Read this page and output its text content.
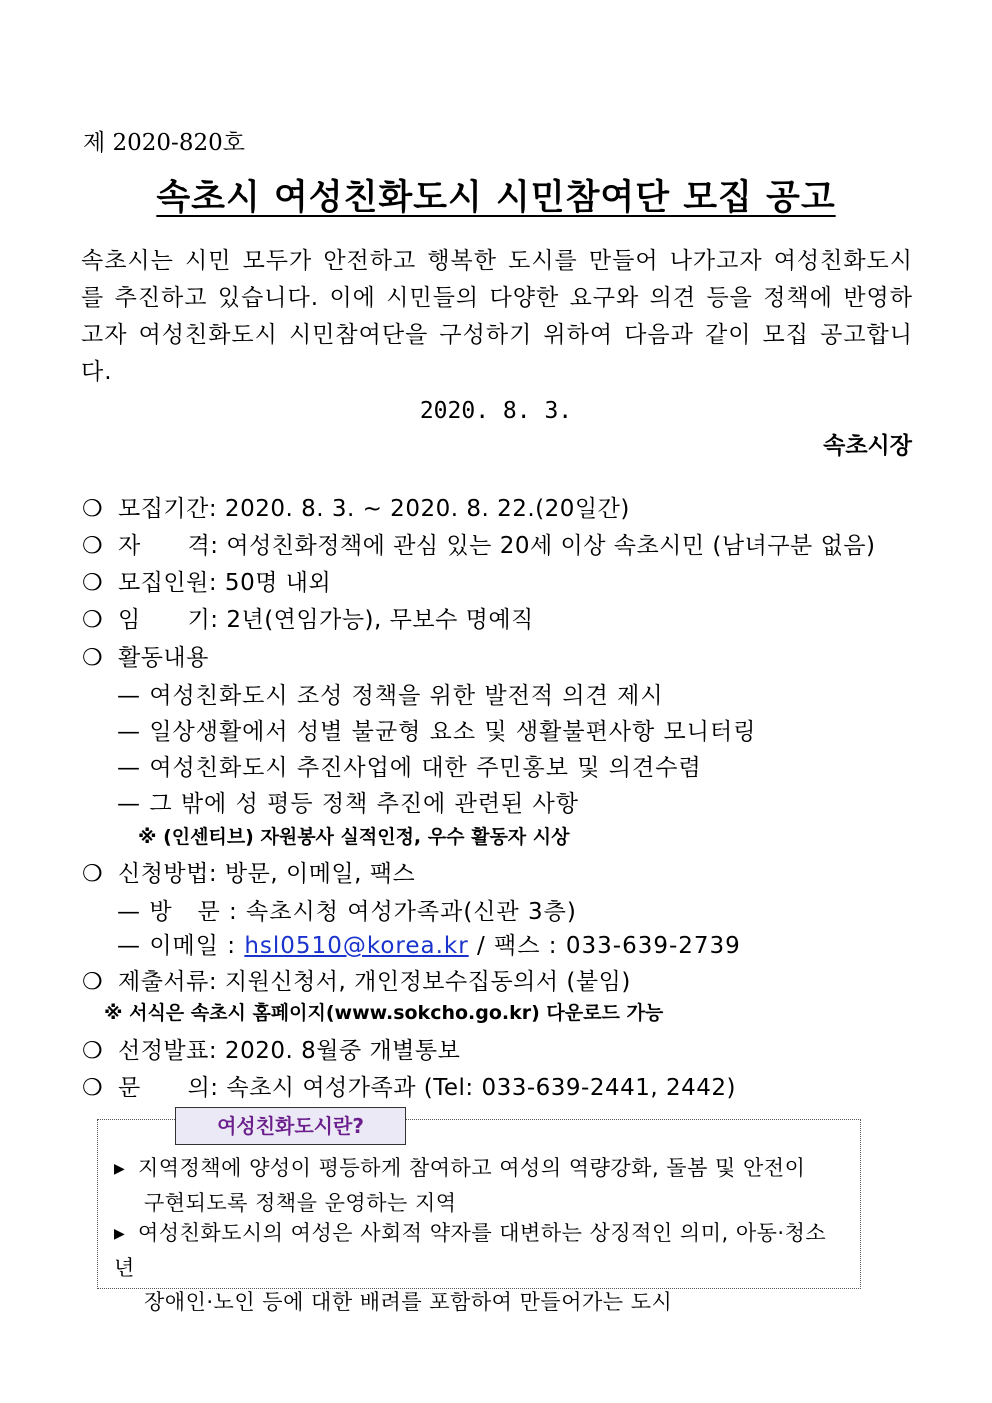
제 2020-820호
속초시 여성친화도시 시민참여단 모집 공고

속초시는 시민 모두가 안전하고 행복한 도시를 만들어 나가고자 여성친화도시를 추진하고 있습니다. 이에 시민들의 다양한 요구와 의견 등을 정책에 반영하고자 여성친화도시 시민참여단을 구성하기 위하여 다음과 같이 모집 공고합니다.

2020. 8. 3.
속초시장
❍ 모집기간: 2020. 8. 3. ~ 2020. 8. 22.(20일간)
❍ 자      격: 여성친화정책에 관심 있는 20세 이상 속초시민 (남녀구분 없음)
❍ 모집인원: 50명 내외
❍ 임      기: 2년(연임가능), 무보수 명예직
❍ 활동내용
— 여성친화도시 조성 정책을 위한 발전적 의견 제시
— 일상생활에서 성별 불균형 요소 및 생활불편사항 모니터링
— 여성친화도시 추진사업에 대한 주민홍보 및 의견수렴
— 그 밖에 성 평등 정책 추진에 관련된 사항
※ (인센티브) 자원봉사 실적인정, 우수 활동자 시상
❍ 신청방법: 방문, 이메일, 팩스
— 방   문 : 속초시청 여성가족과(신관 3층)
— 이메일 : hsl0510@korea.kr / 팩스 : 033-639-2739
❍ 제출서류: 지원신청서, 개인정보수집동의서 (붙임)
※ 서식은 속초시 홈페이지(www.sokcho.go.kr) 다운로드 가능
❍ 선정발표: 2020. 8월중 개별통보
❍ 문      의: 속초시 여성가족과 (Tel: 033-639-2441, 2442)
여성친화도시란?
▶ 지역정책에 양성이 평등하게 참여하고 여성의 역량강화, 돌봄 및 안전이
구현되도록 정책을 운영하는 지역
▶ 여성친화도시의 여성은 사회적 약자를 대변하는 상징적인 의미, 아동·청소년
장애인·노인 등에 대한 배려를 포함하여 만들어가는 도시
